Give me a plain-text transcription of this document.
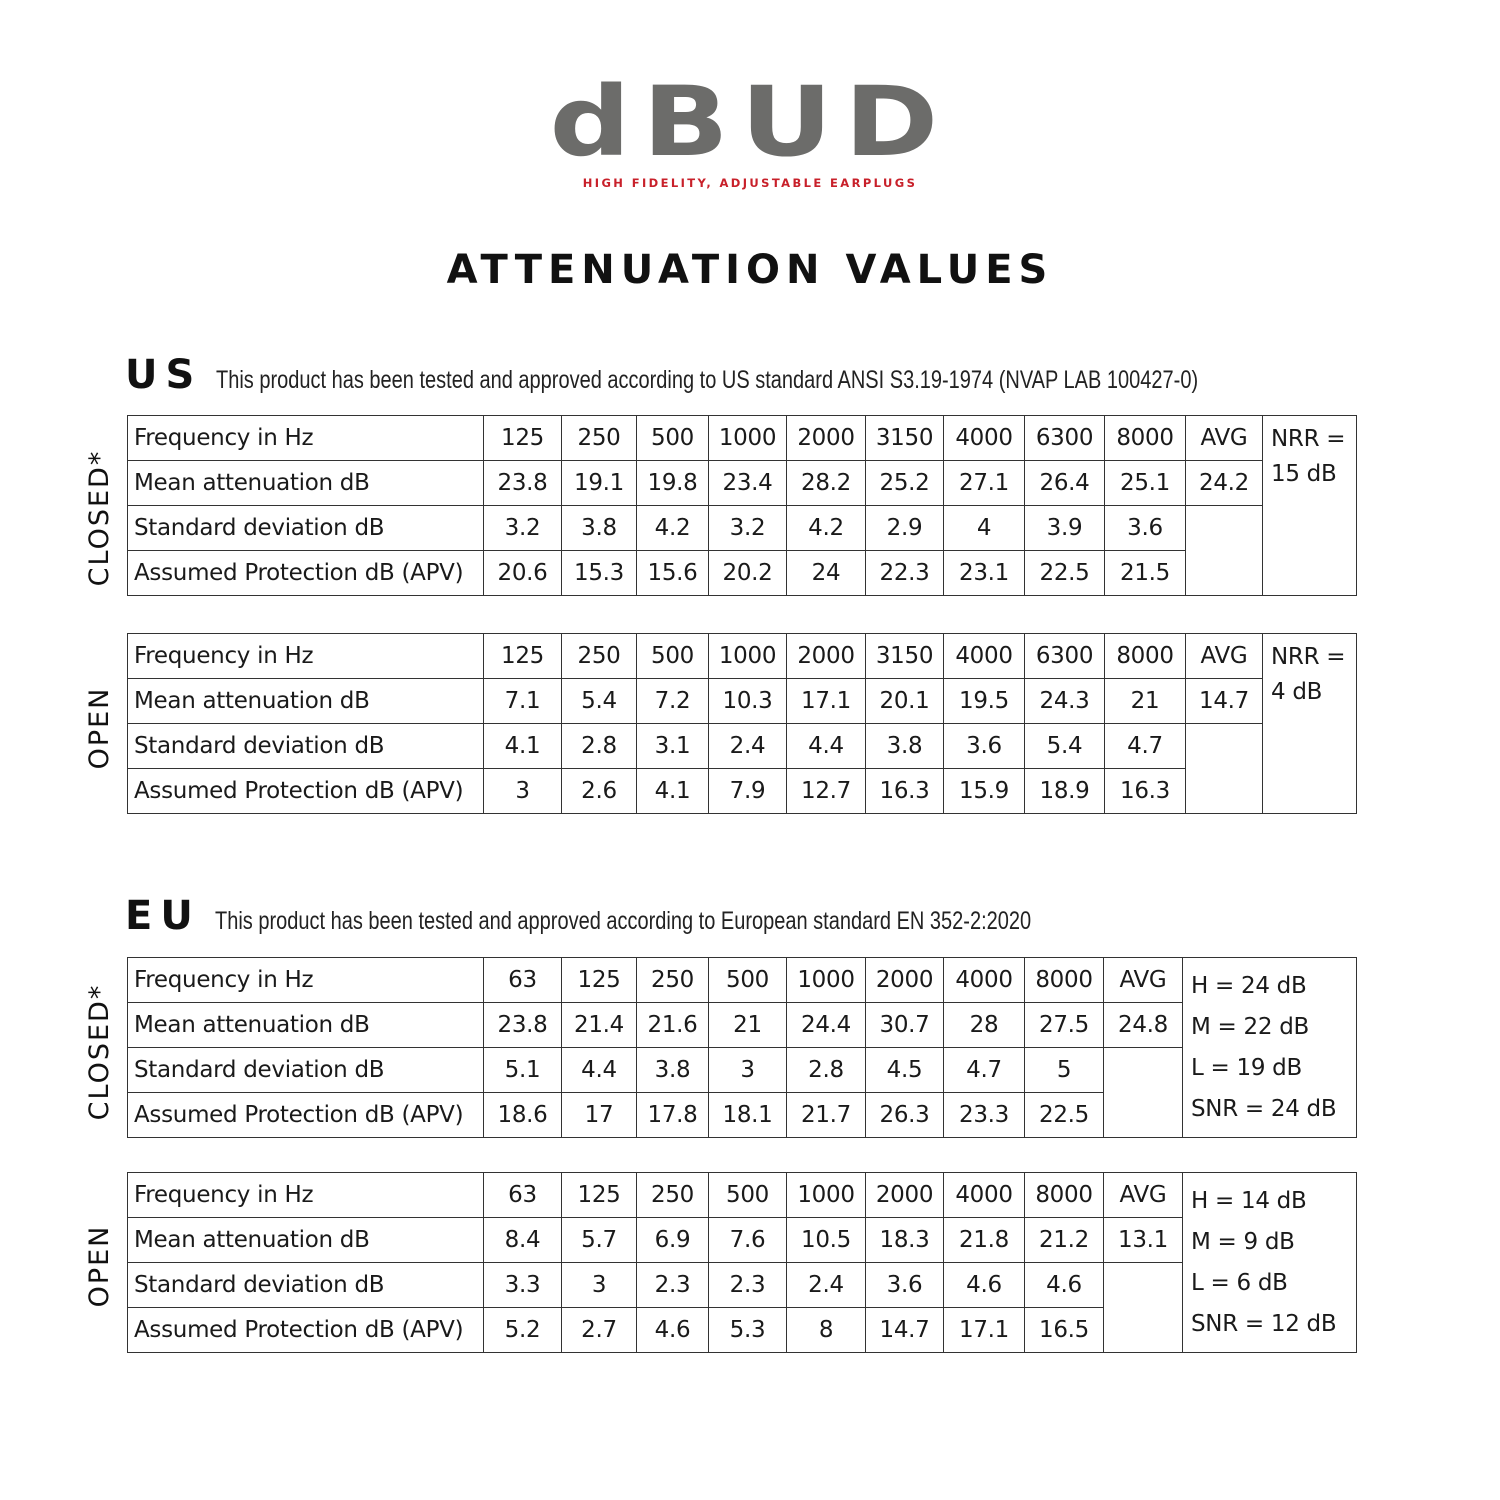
dBUD
HIGH FIDELITY, ADJUSTABLE EARPLUGS
ATTENUATION VALUES
US This product has been tested and approved according to US standard ANSI S3.19-1974 (NVAP LAB 100427-0)
CLOSED*
Frequency in Hz	125	250	500	1000	2000	3150	4000	6300	8000	AVG	NRR =
15 dB

Mean attenuation dB	23.8	19.1	19.8	23.4	28.2	25.2	27.1	26.4	25.1	24.2	
Standard deviation dB	3.2	3.8	4.2	3.2	4.2	2.9	4	3.9	3.6		
Assumed Protection dB (APV)	20.6	15.3	15.6	20.2	24	22.3	23.1	22.5	21.5		
OPEN
Frequency in Hz	125	250	500	1000	2000	3150	4000	6300	8000	AVG	NRR =
4 dB

Mean attenuation dB	7.1	5.4	7.2	10.3	17.1	20.1	19.5	24.3	21	14.7	
Standard deviation dB	4.1	2.8	3.1	2.4	4.4	3.8	3.6	5.4	4.7		
Assumed Protection dB (APV)	3	2.6	4.1	7.9	12.7	16.3	15.9	18.9	16.3		
EU This product has been tested and approved according to European standard EN 352-2:2020
CLOSED*
Frequency in Hz	63	125	250	500	1000	2000	4000	8000	AVG	H = 24 dB
M = 22 dB
L = 19 dB
SNR = 24 dB

Mean attenuation dB	23.8	21.4	21.6	21	24.4	30.7	28	27.5	24.8	
Standard deviation dB	5.1	4.4	3.8	3	2.8	4.5	4.7	5		
Assumed Protection dB (APV)	18.6	17	17.8	18.1	21.7	26.3	23.3	22.5		
OPEN
Frequency in Hz	63	125	250	500	1000	2000	4000	8000	AVG	H = 14 dB
M = 9 dB
L = 6 dB
SNR = 12 dB

Mean attenuation dB	8.4	5.7	6.9	7.6	10.5	18.3	21.8	21.2	13.1	
Standard deviation dB	3.3	3	2.3	2.3	2.4	3.6	4.6	4.6		
Assumed Protection dB (APV)	5.2	2.7	4.6	5.3	8	14.7	17.1	16.5		
